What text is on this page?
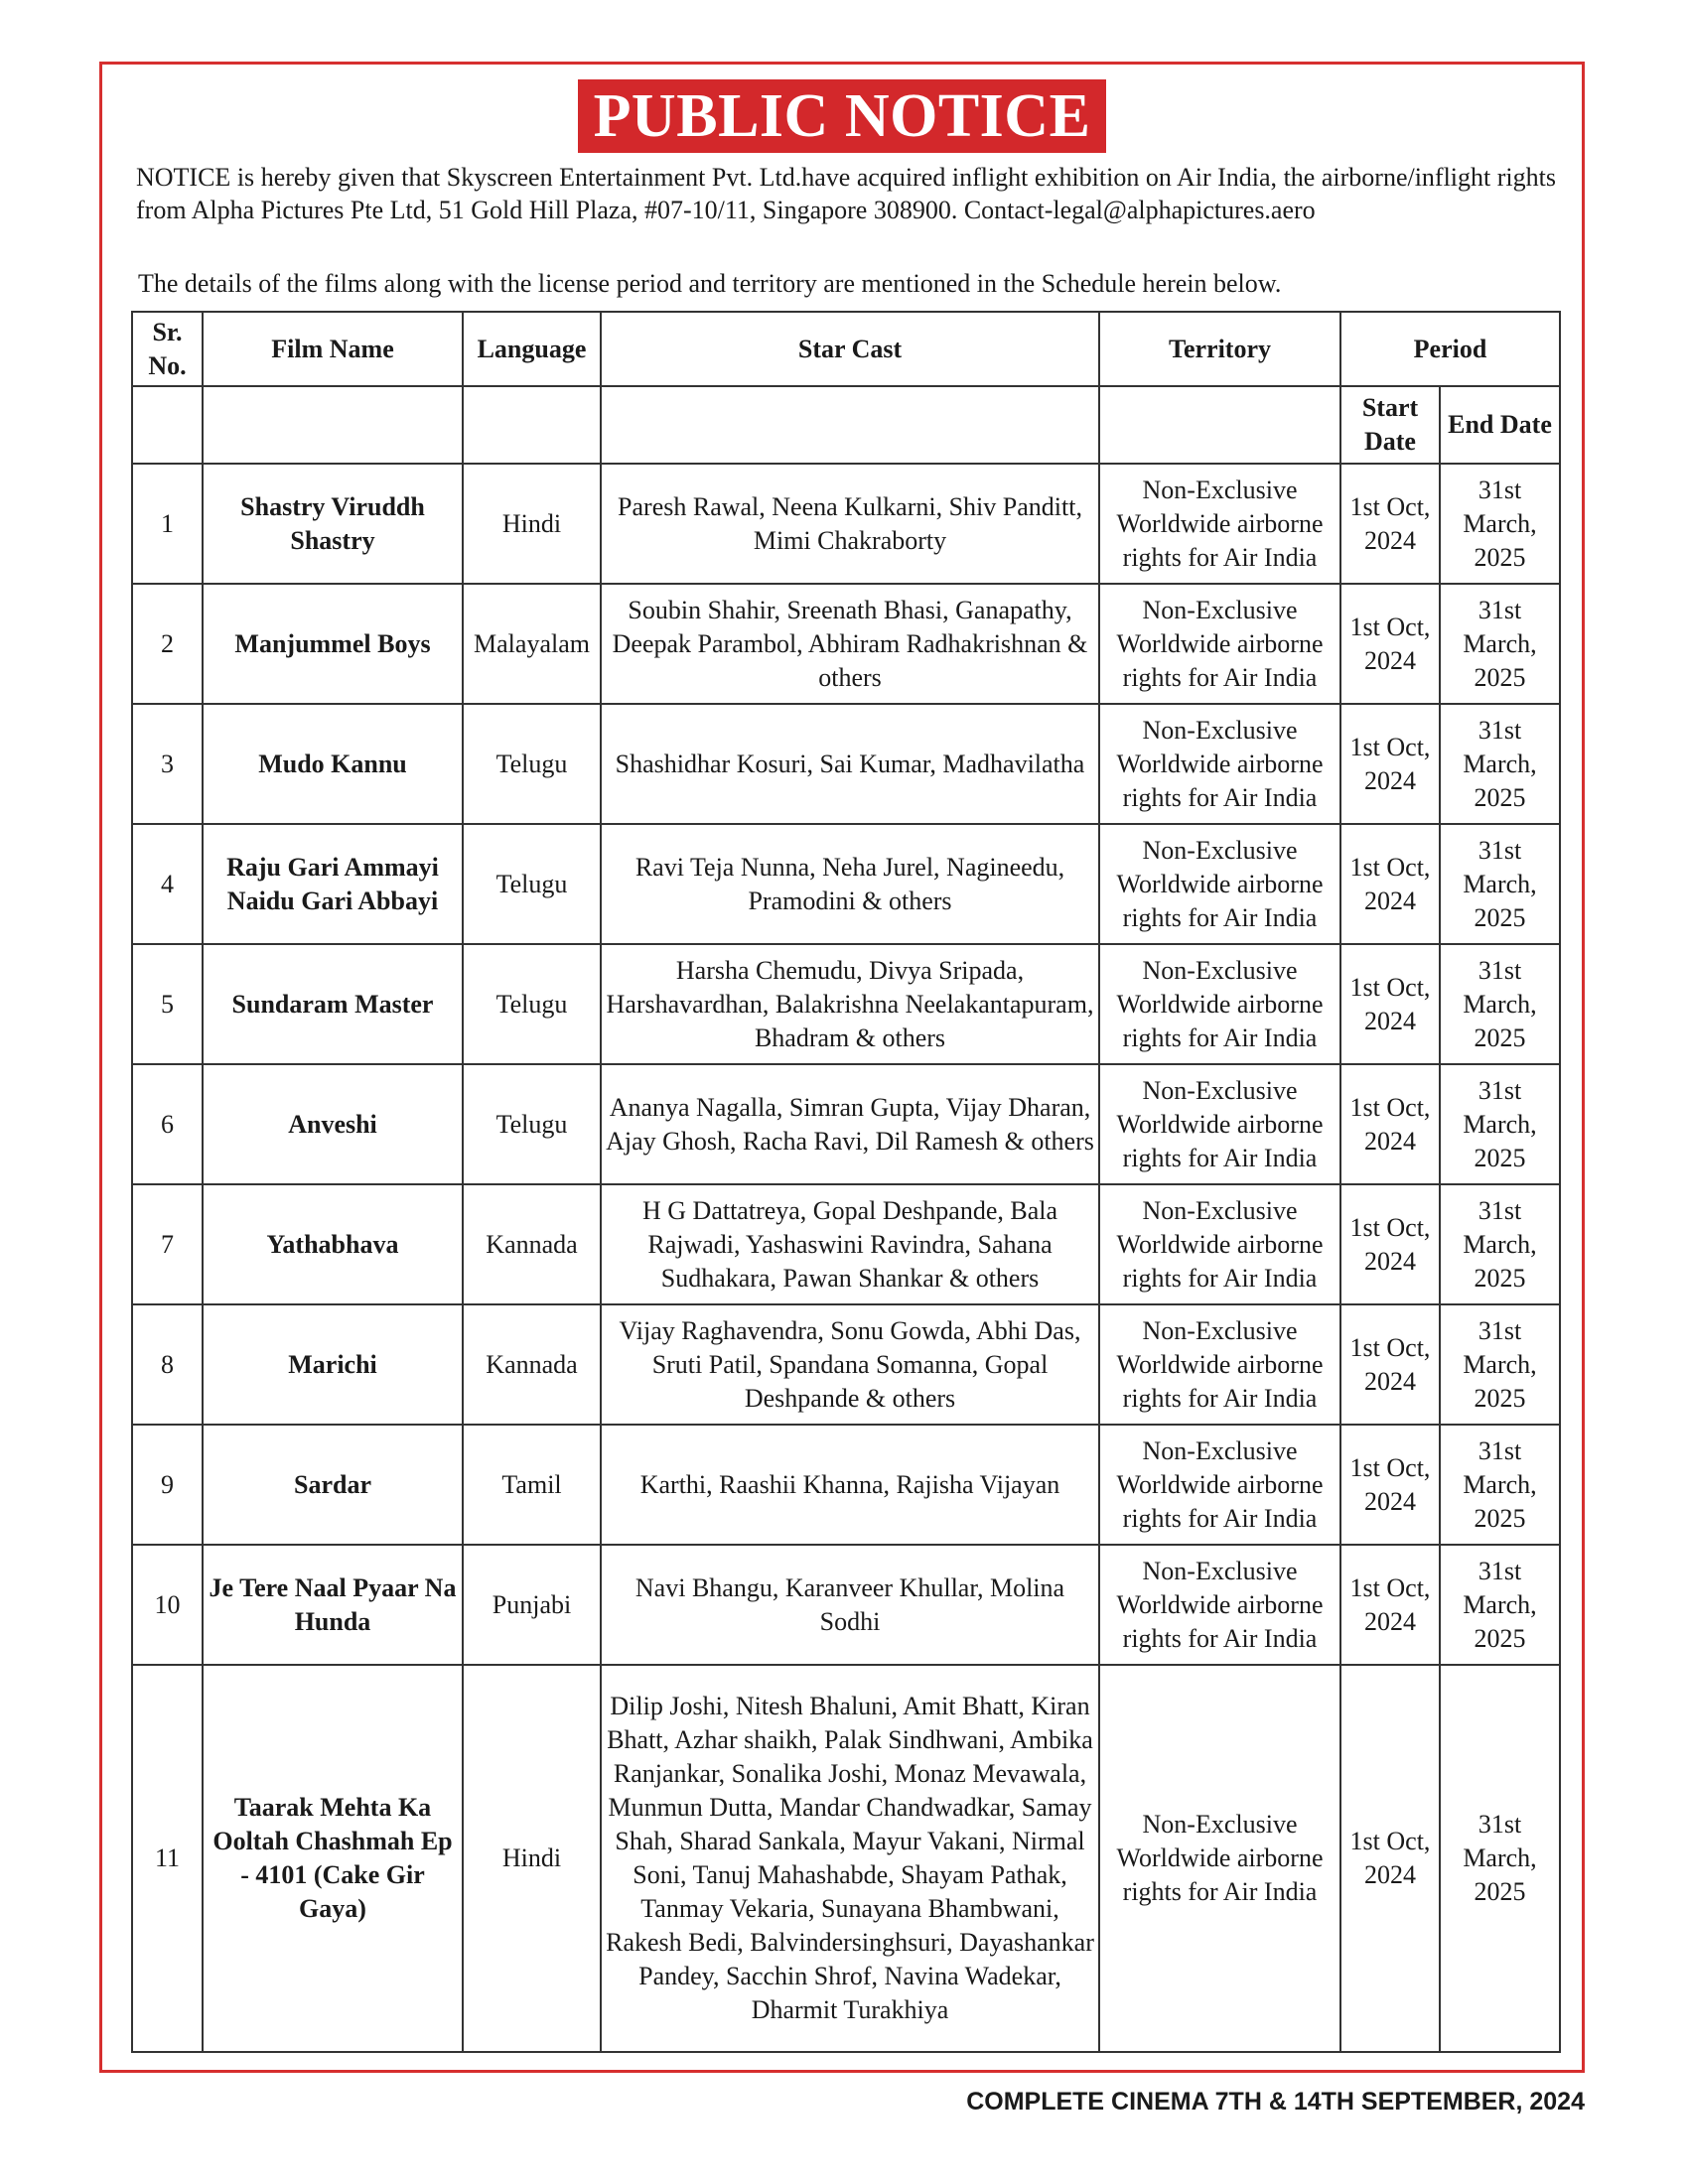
PUBLIC NOTICE
NOTICE is hereby given that Skyscreen Entertainment Pvt. Ltd.have acquired inflight exhibition on Air India, the airborne/inflight rights from Alpha Pictures Pte Ltd, 51 Gold Hill Plaza, #07-10/11, Singapore 308900. Contact-legal@alphapictures.aero
The details of the films along with the license period and territory are mentioned in the Schedule herein below.
Sr. No.	Film Name	Language	Star Cast	Territory	Period	
					Start Date	End Date
1	Shastry Viruddh Shastry	Hindi	Paresh Rawal, Neena Kulkarni, Shiv Panditt, Mimi Chakraborty	Non-Exclusive Worldwide airborne rights for Air India	1st Oct, 2024	31st March, 2025
2	Manjummel Boys	Malayalam	Soubin Shahir, Sreenath Bhasi, Ganapathy, Deepak Parambol, Abhiram Radhakrishnan & others	Non-Exclusive Worldwide airborne rights for Air India	1st Oct, 2024	31st March, 2025
3	Mudo Kannu	Telugu	Shashidhar Kosuri, Sai Kumar, Madhavilatha	Non-Exclusive Worldwide airborne rights for Air India	1st Oct, 2024	31st March, 2025
4	Raju Gari Ammayi Naidu Gari Abbayi	Telugu	Ravi Teja Nunna, Neha Jurel, Nagineedu, Pramodini & others	Non-Exclusive Worldwide airborne rights for Air India	1st Oct, 2024	31st March, 2025
5	Sundaram Master	Telugu	Harsha Chemudu, Divya Sripada, Harshavardhan, Balakrishna Neelakantapuram, Bhadram & others	Non-Exclusive Worldwide airborne rights for Air India	1st Oct, 2024	31st March, 2025
6	Anveshi	Telugu	Ananya Nagalla, Simran Gupta, Vijay Dharan, Ajay Ghosh, Racha Ravi, Dil Ramesh & others	Non-Exclusive Worldwide airborne rights for Air India	1st Oct, 2024	31st March, 2025
7	Yathabhava	Kannada	H G Dattatreya, Gopal Deshpande, Bala Rajwadi, Yashaswini Ravindra, Sahana Sudhakara, Pawan Shankar & others	Non-Exclusive Worldwide airborne rights for Air India	1st Oct, 2024	31st March, 2025
8	Marichi	Kannada	Vijay Raghavendra, Sonu Gowda, Abhi Das, Sruti Patil, Spandana Somanna, Gopal Deshpande & others	Non-Exclusive Worldwide airborne rights for Air India	1st Oct, 2024	31st March, 2025
9	Sardar	Tamil	Karthi, Raashii Khanna, Rajisha Vijayan	Non-Exclusive Worldwide airborne rights for Air India	1st Oct, 2024	31st March, 2025
10	Je Tere Naal Pyaar Na Hunda	Punjabi	Navi Bhangu, Karanveer Khullar, Molina Sodhi	Non-Exclusive Worldwide airborne rights for Air India	1st Oct, 2024	31st March, 2025
11	Taarak Mehta Ka Ooltah Chashmah Ep - 4101 (Cake Gir Gaya)	Hindi	Dilip Joshi, Nitesh Bhaluni, Amit Bhatt, Kiran Bhatt, Azhar shaikh, Palak Sindhwani, Ambika Ranjankar, Sonalika Joshi, Monaz Mevawala, Munmun Dutta, Mandar Chandwadkar, Samay Shah, Sharad Sankala, Mayur Vakani, Nirmal Soni, Tanuj Mahashabde, Shayam Pathak, Tanmay Vekaria, Sunayana Bhambwani, Rakesh Bedi, Balvindersinghsuri, Dayashankar Pandey, Sacchin Shrof, Navina Wadekar, Dharmit Turakhiya	Non-Exclusive Worldwide airborne rights for Air India	1st Oct, 2024	31st March, 2025
COMPLETE CINEMA 7TH & 14TH SEPTEMBER, 2024
